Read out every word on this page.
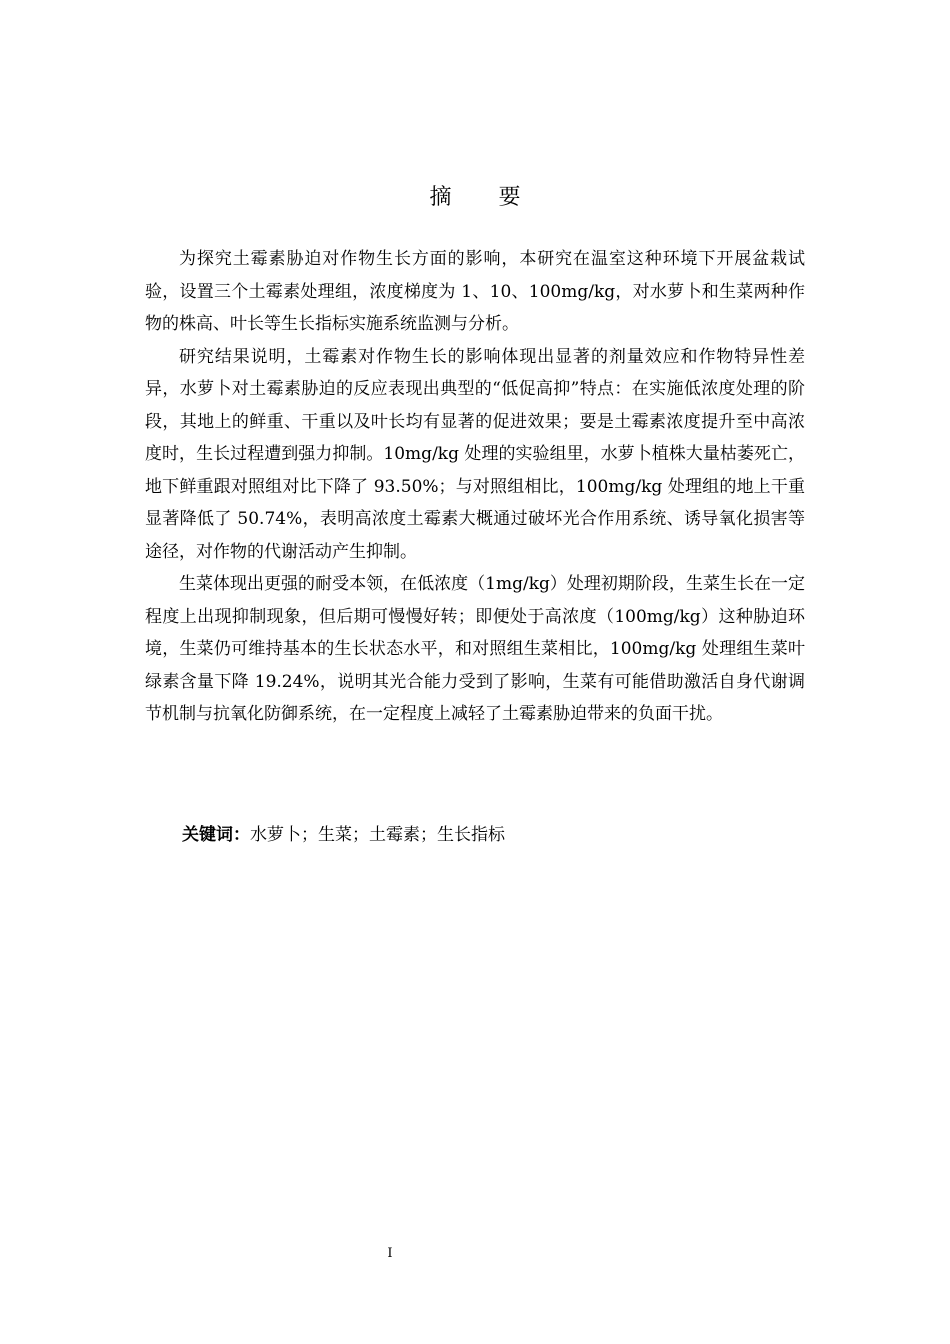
摘 要

为探究土霉素胁迫对作物生长方面的影响，本研究在温室这种环境下开展盆栽试验，设置三个土霉素处理组，浓度梯度为 1、10、100mg/kg，对水萝卜和生菜两种作物的株高、叶长等生长指标实施系统监测与分析。

研究结果说明，土霉素对作物生长的影响体现出显著的剂量效应和作物特异性差异，水萝卜对土霉素胁迫的反应表现出典型的“低促高抑”特点：在实施低浓度处理的阶段，其地上的鲜重、干重以及叶长均有显著的促进效果；要是土霉素浓度提升至中高浓度时，生长过程遭到强力抑制。10mg/kg 处理的实验组里，水萝卜植株大量枯萎死亡，地下鲜重跟对照组对比下降了 93.50%；与对照组相比，100mg/kg 处理组的地上干重显著降低了 50.74%，表明高浓度土霉素大概通过破坏光合作用系统、诱导氧化损害等途径，对作物的代谢活动产生抑制。

生菜体现出更强的耐受本领，在低浓度（1mg/kg）处理初期阶段，生菜生长在一定程度上出现抑制现象，但后期可慢慢好转；即便处于高浓度（100mg/kg）这种胁迫环境，生菜仍可维持基本的生长状态水平，和对照组生菜相比，100mg/kg 处理组生菜叶绿素含量下降 19.24%，说明其光合能力受到了影响，生菜有可能借助激活自身代谢调节机制与抗氧化防御系统，在一定程度上减轻了土霉素胁迫带来的负面干扰。

关键词：水萝卜；生菜；土霉素；生长指标
I
